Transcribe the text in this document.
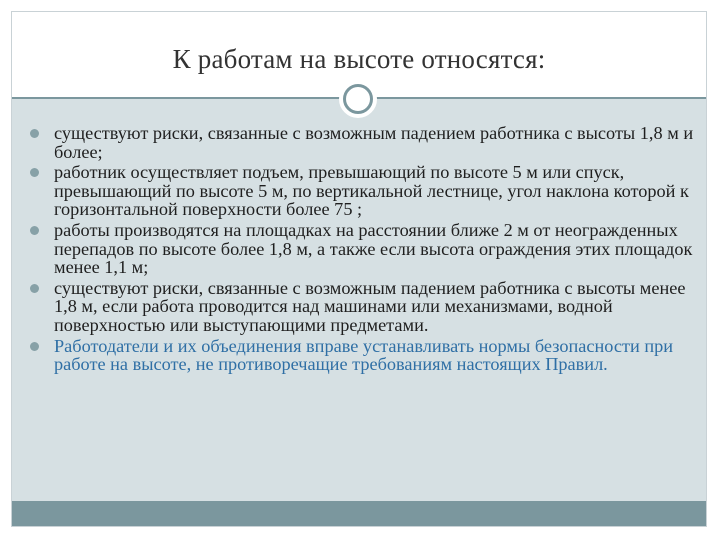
К работам на высоте относятся:
существуют риски, связанные с возможным падением работника с высоты 1,8 м и более;
работник осуществляет подъем, превышающий по высоте 5 м или спуск, превышающий по высоте 5 м, по вертикальной лестнице, угол наклона которой к горизонтальной поверхности более 75 ;
работы производятся на площадках на расстоянии ближе 2 м от неогражденных перепадов по высоте более 1,8 м, а также если высота ограждения этих площадок менее 1,1 м;
существуют риски, связанные с возможным падением работника с высоты менее 1,8 м, если работа проводится над машинами или механизмами, водной поверхностью или выступающими предметами.
Работодатели и их объединения вправе устанавливать нормы безопасности при работе на высоте, не противоречащие требованиям настоящих Правил.
